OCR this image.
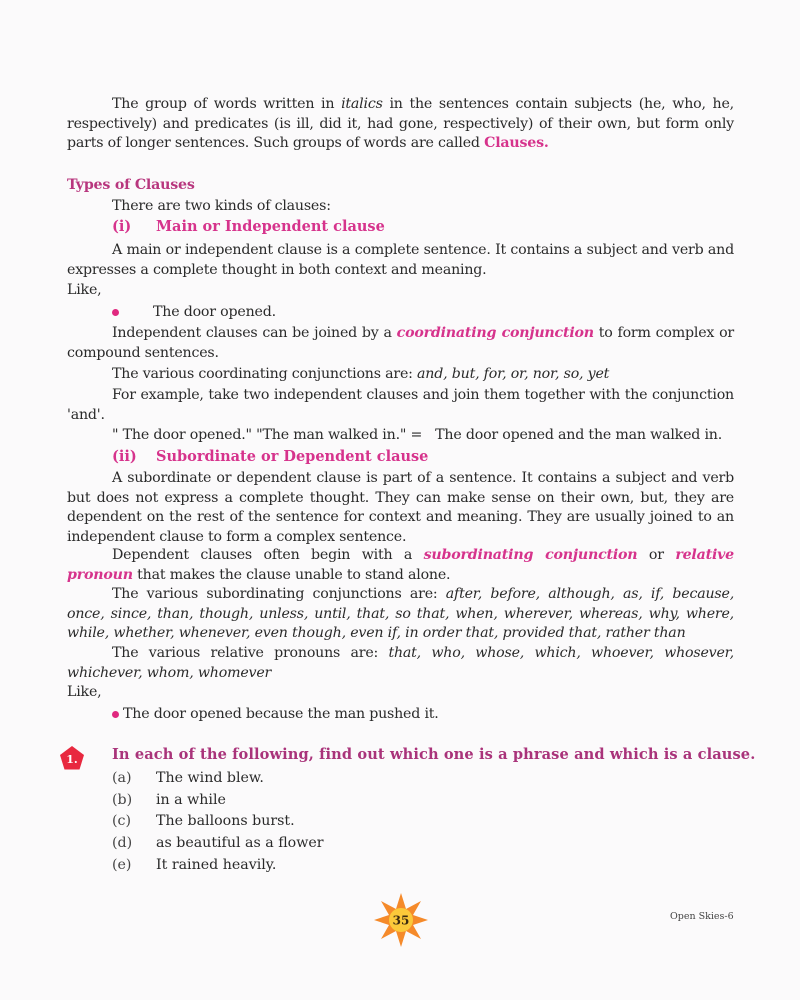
The group of words written in italics in the sentences contain subjects (he, who, he, respectively) and predicates (is ill, did it, had gone, respectively) of their own, but form only parts of longer sentences. Such groups of words are called Clauses.
Types of Clauses
There are two kinds of clauses:
(i) Main or Independent clause
A main or independent clause is a complete sentence. It contains a subject and verb and expresses a complete thought in both context and meaning.
Like,
The door opened.
Independent clauses can be joined by a coordinating conjunction to form complex or compound sentences.
The various coordinating conjunctions are: and, but, for, or, nor, so, yet
For example, take two independent clauses and join them together with the conjunction 'and'.
" The door opened." "The man walked in." = The door opened and the man walked in.
(ii) Subordinate or Dependent clause
A subordinate or dependent clause is part of a sentence. It contains a subject and verb but does not express a complete thought. They can make sense on their own, but, they are dependent on the rest of the sentence for context and meaning. They are usually joined to an independent clause to form a complex sentence.
Dependent clauses often begin with a subordinating conjunction or relative pronoun that makes the clause unable to stand alone.
The various subordinating conjunctions are: after, before, although, as, if, because, once, since, than, though, unless, until, that, so that, when, wherever, whereas, why, where, while, whether, whenever, even though, even if, in order that, provided that, rather than
The various relative pronouns are: that, who, whose, which, whoever, whosever, whichever, whom, whomever
Like,
The door opened because the man pushed it.
1. In each of the following, find out which one is a phrase and which is a clause.
(a) The wind blew.
(b) in a while
(c) The balloons burst.
(d) as beautiful as a flower
(e) It rained heavily.
35	Open Skies-6
